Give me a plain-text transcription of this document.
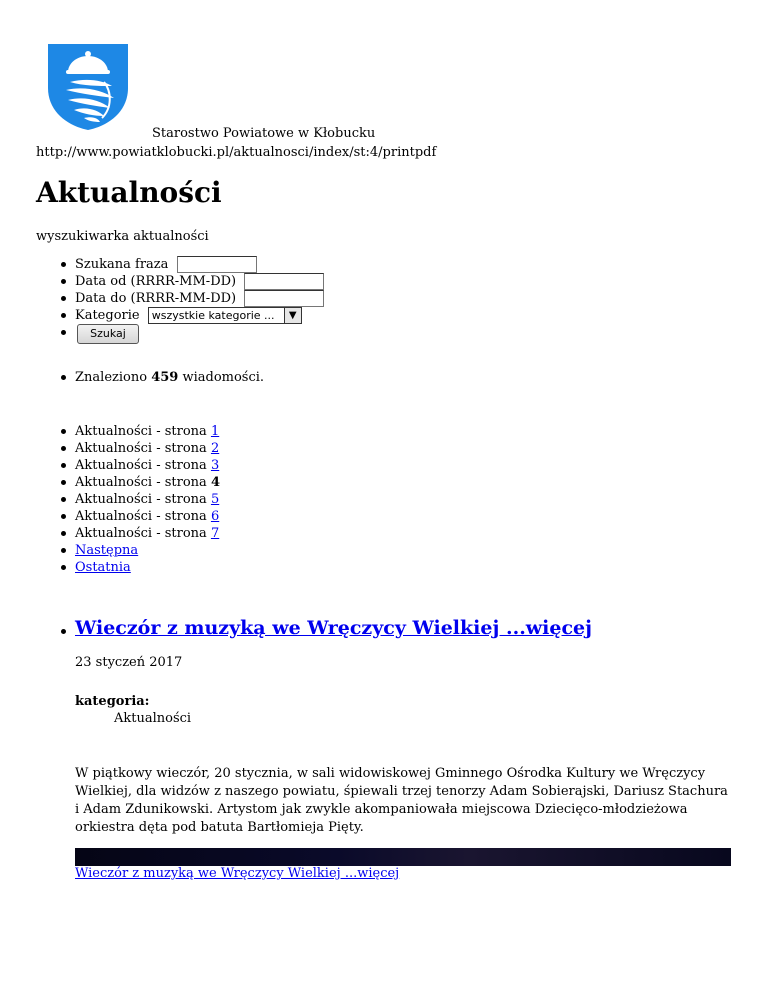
Starostwo Powiatowe w Kłobucku
http://www.powiatklobucki.pl/aktualnosci/index/st:4/printpdf
Aktualności
wyszukiwarka aktualności
Szukana fraza
Data od (RRRR-MM-DD)
Data do (RRRR-MM-DD)
Kategorie wszystkie kategorie ...	▼
Szukaj
Znaleziono 459 wiadomości.
Aktualności - strona 1
Aktualności - strona 2
Aktualności - strona 3
Aktualności - strona 4
Aktualności - strona 5
Aktualności - strona 6
Aktualności - strona 7
Następna
Ostatnia
Wieczór z muzyką we Wręczycy Wielkiej ...więcej
23 styczeń 2017
kategoria:
Aktualności

W piątkowy wieczór, 20 stycznia, w sali widowiskowej Gminnego Ośrodka Kultury we Wręczycy Wielkiej, dla widzów z naszego powiatu, śpiewali trzej tenorzy Adam Sobierajski, Dariusz Stachura i Adam Zdunikowski. Artystom jak zwykle akompaniowała miejscowa Dziecięco-młodzieżowa orkiestra dęta pod batuta Bartłomieja Pięty.

Wieczór z muzyką we Wręczycy Wielkiej ...więcej
